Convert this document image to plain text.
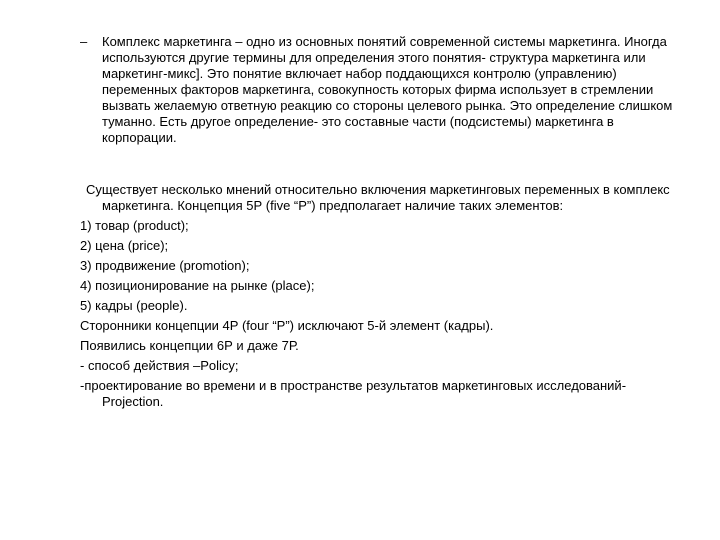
– Комплекс маркетинга – одно из основных понятий современной системы маркетинга. Иногда используются другие термины для определения этого понятия- структура маркетинга или маркетинг-микс]. Это понятие включает набор поддающихся контролю (управлению) переменных факторов маркетинга, совокупность которых фирма использует в стремлении вызвать желаемую ответную реакцию со стороны целевого рынка. Это определение слишком туманно. Есть другое определение- это составные части (подсистемы) маркетинга в корпорации.

Существует несколько мнений относительно включения маркетинговых переменных в комплекс маркетинга. Концепция 5Р (five “P”) предполагает наличие таких элементов:

1) товар (product);

2) цена (price);

3) продвижение (promotion);

4) позиционирование на рынке (place);

5) кадры (people).

Сторонники концепции 4Р (four “P”) исключают 5-й элемент (кадры).

Появились концепции 6Р и даже 7Р.

- способ действия –Policy;

-проектирование во времени и в пространстве результатов маркетинговых исследований- Projection.
